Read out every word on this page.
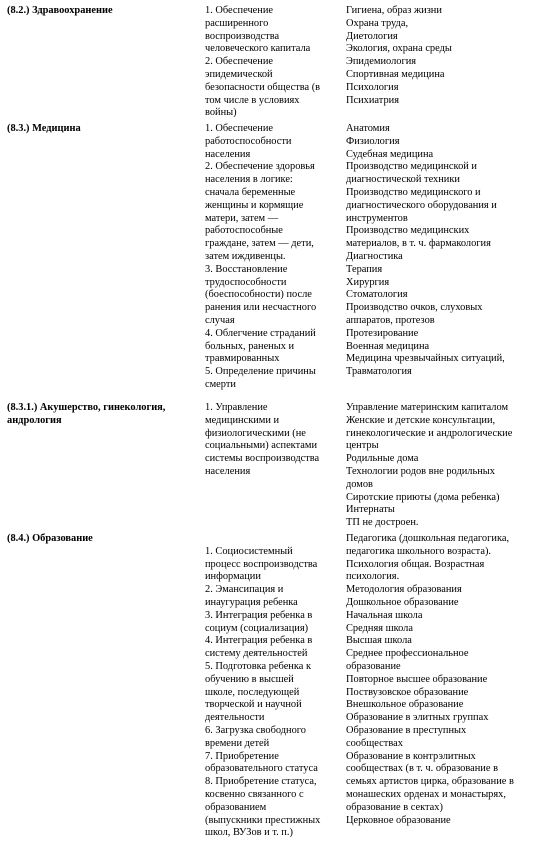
(8.2.) Здравоохранение	1. Обеспечение
расширенного
воспроизводства
человеческого капитала
2. Обеспечение
эпидемической
безопасности общества (в
том числе в условиях
войны)
Гигиена, образ жизни
Охрана труда,
Диетология
Экология, охрана среды
Эпидемиология
Спортивная медицина
Психология
Психиатрия
(8.3.) Медицина	1. Обеспечение
работоспособности
населения
2. Обеспечение здоровья
населения в логике:
сначала беременные
женщины и кормящие
матери, затем —
работоспособные
граждане, затем — дети,
затем иждивенцы.
3. Восстановление
трудоспособности
(боеспособности) после
ранения или несчастного
случая
4. Облегчение страданий
больных, раненых и
травмированных
5. Определение причины
смерти
Анатомия
Физиология
Судебная медицина
Производство медицинской и
диагностической техники
Производство медицинского и
диагностического оборудования и
инструментов
Производство медицинских
материалов, в т. ч. фармакология
Диагностика
Терапия
Хирургия
Стоматология
Производство очков, слуховых
аппаратов, протезов
Протезирование
Военная медицина
Медицина чрезвычайных ситуаций,
Травматология
(8.3.1.) Акушерство, гинекология,
андрология
1. Управление
медицинскими и
физиологическими (не
социальными) аспектами
системы воспроизводства
населения
Управление материнским капиталом
Женские и детские консультации,
гинекологические и андрологические
центры
Родильные дома
Технологии родов вне родильных
домов
Сиротские приюты (дома ребенка)
Интернаты
ТП не достроен.
(8.4.) Образование

1. Социосистемный
процесс воспроизводства
информации
2. Эмансипация и
инаугурация ребенка
3. Интеграция ребенка в
социум (социализация)
4. Интеграция ребенка в
систему деятельностей
5. Подготовка ребенка к
обучению в высшей
школе, последующей
творческой и научной
деятельности
6. Загрузка свободного
времени детей
7. Приобретение
образовательного статуса
8. Приобретение статуса,
косвенно связанного с
образованием
(выпускники престижных
школ, ВУЗов и т. п.)
Педагогика (дошкольная педагогика,
педагогика школьного возраста).
Психология общая. Возрастная
психология.
Методология образования
Дошкольное образование
Начальная школа
Средняя школа
Высшая школа
Среднее профессиональное
образование
Повторное высшее образование
Поствузовское образование
Внешкольное образование
Образование в элитных группах
Образование в преступных
сообществах
Образование в контрэлитных
сообществах (в т. ч. образование в
семьях артистов цирка, образование в
монашеских орденах и монастырях,
образование в сектах)
Церковное образование
